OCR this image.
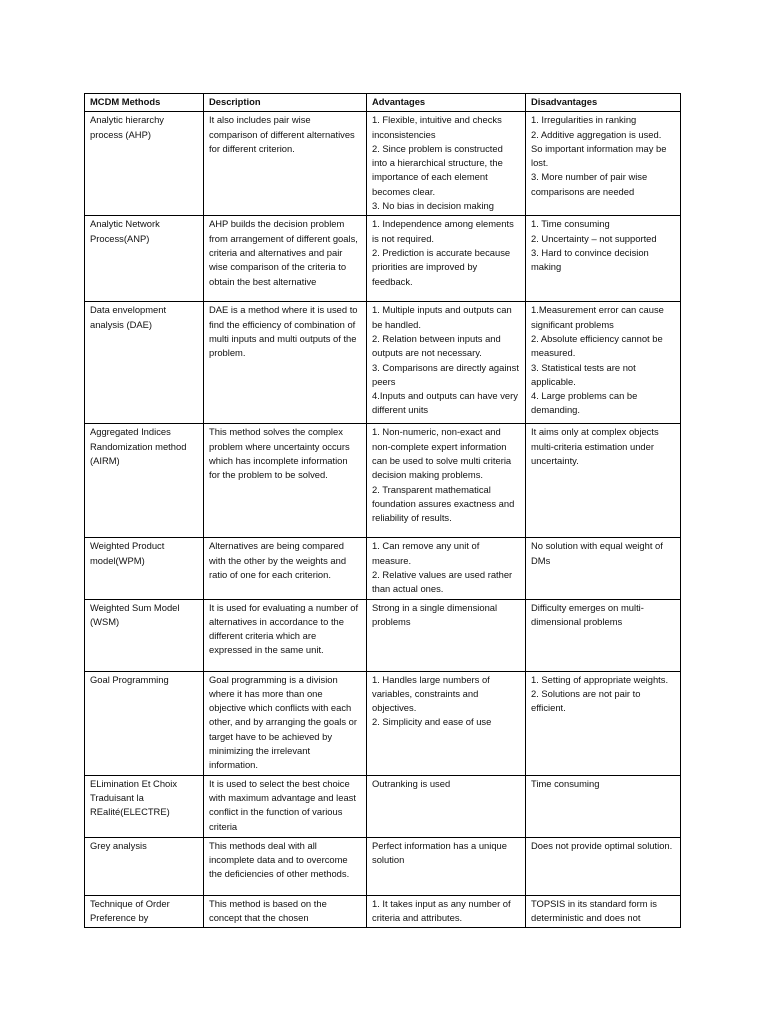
MCDM Methods	Description	Advantages	Disadvantages
Analytic hierarchy process (AHP)	It also includes pair wise comparison of different alternatives for different criterion.	1. Flexible, intuitive and checks inconsistencies
2. Since problem is constructed into a hierarchical structure, the importance of each element becomes clear.
3. No bias in decision making	1. Irregularities in ranking
2. Additive aggregation is used. So important information may be lost.
3. More number of pair wise comparisons are needed

Analytic Network Process(ANP)	AHP builds the decision problem from arrangement of different goals, criteria and alternatives and pair wise comparison of the criteria to obtain the best alternative	1. Independence among elements is not required.
2. Prediction is accurate because priorities are improved by feedback.	1. Time consuming
2. Uncertainty – not supported
3. Hard to convince decision making

Data envelopment analysis (DAE)	DAE is a method where it is used to find the efficiency of combination of multi inputs and multi outputs of the problem.	1. Multiple inputs and outputs can be handled.
2. Relation between inputs and outputs are not necessary.
3. Comparisons are directly against peers
4.Inputs and outputs can have very different units	1.Measurement error can cause significant problems
2. Absolute efficiency cannot be measured.
3. Statistical tests are not applicable.
4. Large problems can be demanding.

Aggregated Indices Randomization method (AIRM)	This method solves the complex problem where uncertainty occurs which has incomplete information for the problem to be solved.	1. Non-numeric, non-exact and non-complete expert information can be used to solve multi criteria decision making problems.
2. Transparent mathematical foundation assures exactness and reliability of results.	It aims only at complex objects multi-criteria estimation under uncertainty.

Weighted Product model(WPM)	Alternatives are being compared with the other by the weights and ratio of one for each criterion.	1. Can remove any unit of measure.
2. Relative values are used rather than actual ones.	No solution with equal weight of DMs

Weighted Sum Model (WSM)	It is used for evaluating a number of alternatives in accordance to the different criteria which are expressed in the same unit.	Strong in a single dimensional problems	Difficulty emerges on multi-dimensional problems

Goal Programming	Goal programming is a division where it has more than one objective which conflicts with each other, and by arranging the goals or target have to be achieved by minimizing the irrelevant information.	1. Handles large numbers of variables, constraints and objectives.
2. Simplicity and ease of use	1. Setting of appropriate weights.
2. Solutions are not pair to efficient.

ELimination Et Choix Traduisant la REalité(ELECTRE)	It is used to select the best choice with maximum advantage and least conflict in the function of various criteria	Outranking is used	Time consuming

Grey analysis	This methods deal with all incomplete data and to overcome the deficiencies of other methods.	Perfect information has a unique solution	Does not provide optimal solution.

Technique of Order Preference by	This method is based on the concept that the chosen	1. It takes input as any number of criteria and attributes.	TOPSIS in its standard form is deterministic and does not
